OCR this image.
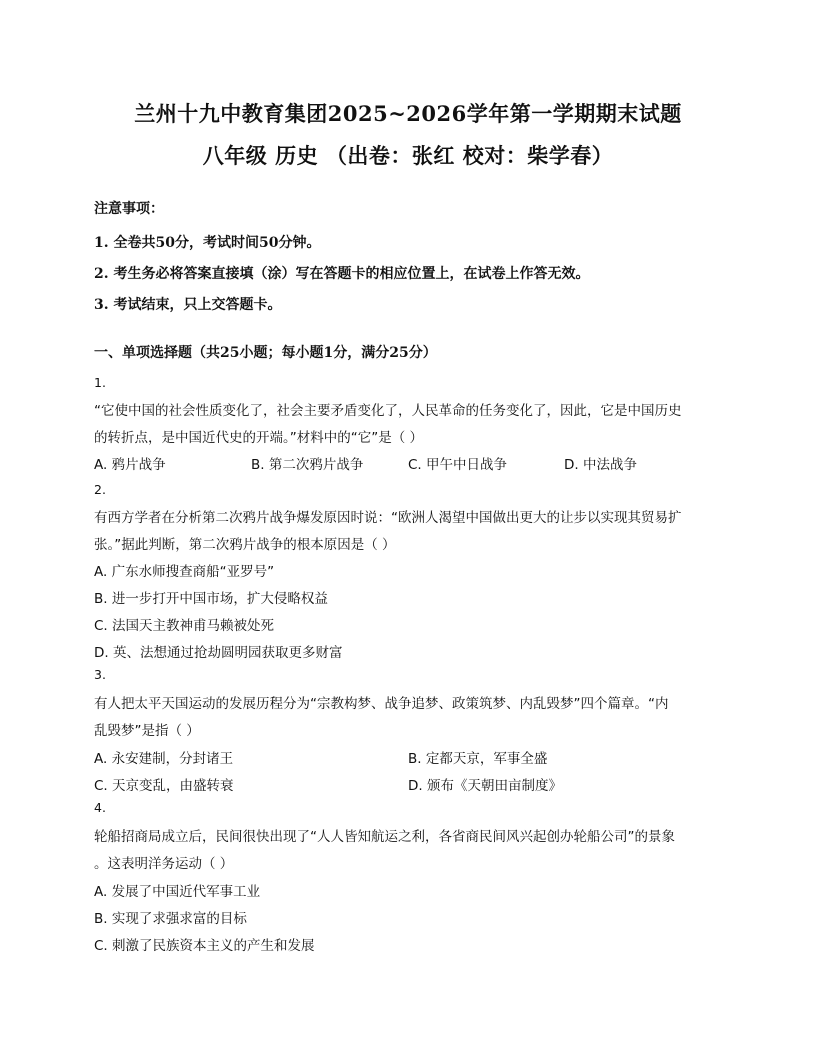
兰州十九中教育集团2025~2026学年第一学期期末试题
八年级 历史 （出卷：张红 校对：柴学春）
注意事项：
1. 全卷共50分，考试时间50分钟。
2. 考生务必将答案直接填（涂）写在答题卡的相应位置上，在试卷上作答无效。
3. 考试结束，只上交答题卡。
一、单项选择题（共25小题；每小题1分，满分25分）
1.
“它使中国的社会性质变化了，社会主要矛盾变化了，人民革命的任务变化了，因此，它是中国历史
的转折点，是中国近代史的开端。”材料中的“它”是（ ）
A. 鸦片战争	B. 第二次鸦片战争	C. 甲午中日战争	D. 中法战争
2.
有西方学者在分析第二次鸦片战争爆发原因时说：“欧洲人渴望中国做出更大的让步以实现其贸易扩
张。”据此判断，第二次鸦片战争的根本原因是（ ）
A. 广东水师搜查商船“亚罗号”
B. 进一步打开中国市场，扩大侵略权益
C. 法国天主教神甫马赖被处死
D. 英、法想通过抢劫圆明园获取更多财富
3.
有人把太平天国运动的发展历程分为“宗教构梦、战争追梦、政策筑梦、内乱毁梦”四个篇章。“内
乱毁梦”是指（ ）
A. 永安建制，分封诸王	B. 定都天京，军事全盛
C. 天京变乱，由盛转衰	D. 颁布《天朝田亩制度》
4.
轮船招商局成立后，民间很快出现了“人人皆知航运之利，各省商民间风兴起创办轮船公司”的景象
。这表明洋务运动（ ）
A. 发展了中国近代军事工业
B. 实现了求强求富的目标
C. 刺激了民族资本主义的产生和发展
